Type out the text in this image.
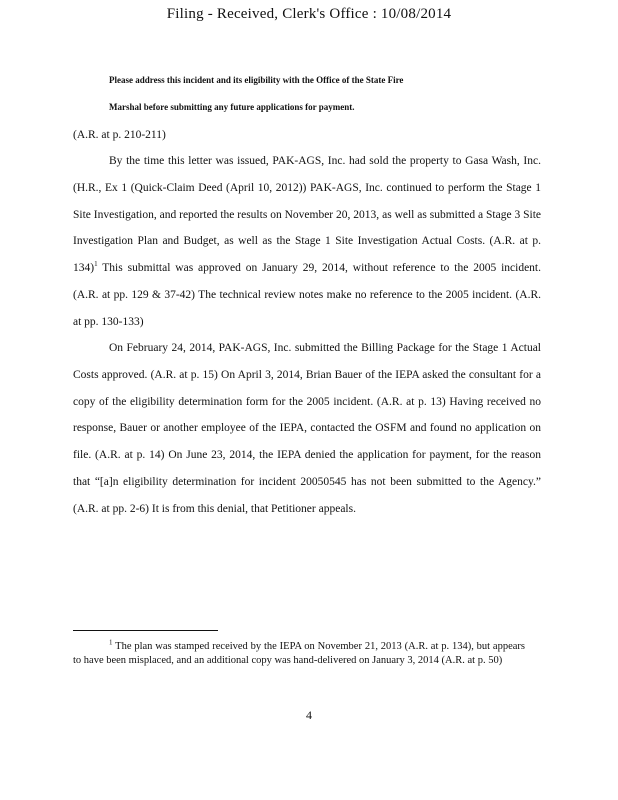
Filing - Received, Clerk's Office : 10/08/2014
Please address this incident and its eligibility with the Office of the State Fire
Marshal before submitting any future applications for payment.
(A.R. at p. 210-211)
By the time this letter was issued, PAK-AGS, Inc. had sold the property to Gasa Wash, Inc. (H.R., Ex 1 (Quick-Claim Deed (April 10, 2012)) PAK-AGS, Inc. continued to perform the Stage 1 Site Investigation, and reported the results on November 20, 2013, as well as submitted a Stage 3 Site Investigation Plan and Budget, as well as the Stage 1 Site Investigation Actual Costs. (A.R. at p. 134)$^1$ This submittal was approved on January 29, 2014, without reference to the 2005 incident. (A.R. at pp. 129 & 37-42) The technical review notes make no reference to the 2005 incident. (A.R. at pp. 130-133)
On February 24, 2014, PAK-AGS, Inc. submitted the Billing Package for the Stage 1 Actual Costs approved. (A.R. at p. 15) On April 3, 2014, Brian Bauer of the IEPA asked the consultant for a copy of the eligibility determination form for the 2005 incident. (A.R. at p. 13) Having received no response, Bauer or another employee of the IEPA, contacted the OSFM and found no application on file. (A.R. at p. 14) On June 23, 2014, the IEPA denied the application for payment, for the reason that “[a]n eligibility determination for incident 20050545 has not been submitted to the Agency.” (A.R. at pp. 2-6) It is from this denial, that Petitioner appeals.
$^1$ The plan was stamped received by the IEPA on November 21, 2013 (A.R. at p. 134), but appears to have been misplaced, and an additional copy was hand-delivered on January 3, 2014 (A.R. at p. 50)
4
